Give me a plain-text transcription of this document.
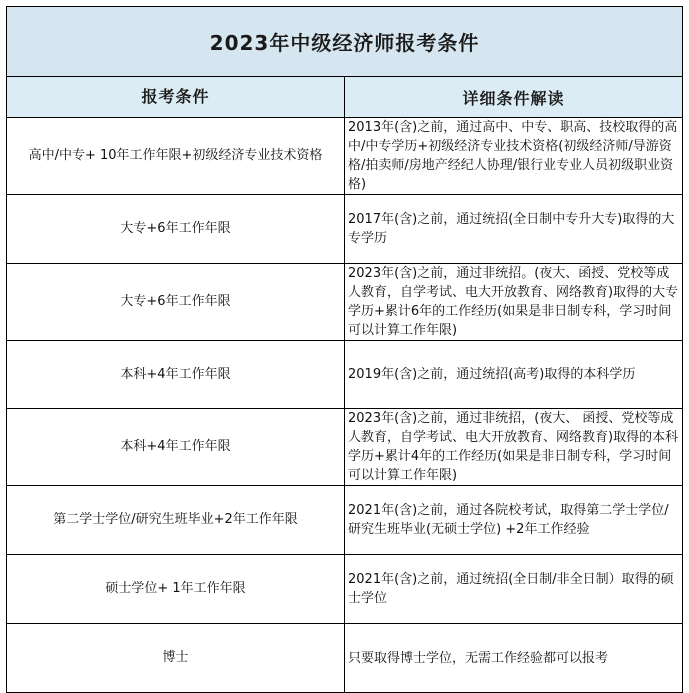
2023年中级经济师报考条件	
报考条件	详细条件解读
高中/中专+ 10年工作年限+初级经济专业技术资格	2013年(含)之前，通过高中、中专、职高、技校取得的高中/中专学历+初级经济专业技术资格(初级经济师/导游资格/拍卖师/房地产经纪人协理/银行业专业人员初级职业资格)
大专+6年工作年限	2017年(含)之前，通过统招(全日制中专升大专)取得的大专学历
大专+6年工作年限	2023年(含)之前，通过非统招。(夜大、函授、党校等成人教育，自学考试、电大开放教育、网络教育)取得的大专学历+累计6年的工作经历(如果是非日制专科，学习时间可以计算工作年限)
本科+4年工作年限	2019年(含)之前，通过统招(高考)取得的本科学历
本科+4年工作年限	2023年(含)之前，通过非统招，(夜大、 函授、党校等成人教育，自学考试、电大开放教育、网络教育)取得的本科学历+累计4年的工作经历(如果是非日制专科，学习时间可以计算工作年限)
第二学士学位/研究生班毕业+2年工作年限	2021年(含)之前，通过各院校考试，取得第二学士学位/研究生班毕业(无硕士学位) +2年工作经验
硕士学位+ 1年工作年限	2021年(含)之前，通过统招(全日制/非全日制）取得的硕士学位
博士	只要取得博士学位，无需工作经验都可以报考
